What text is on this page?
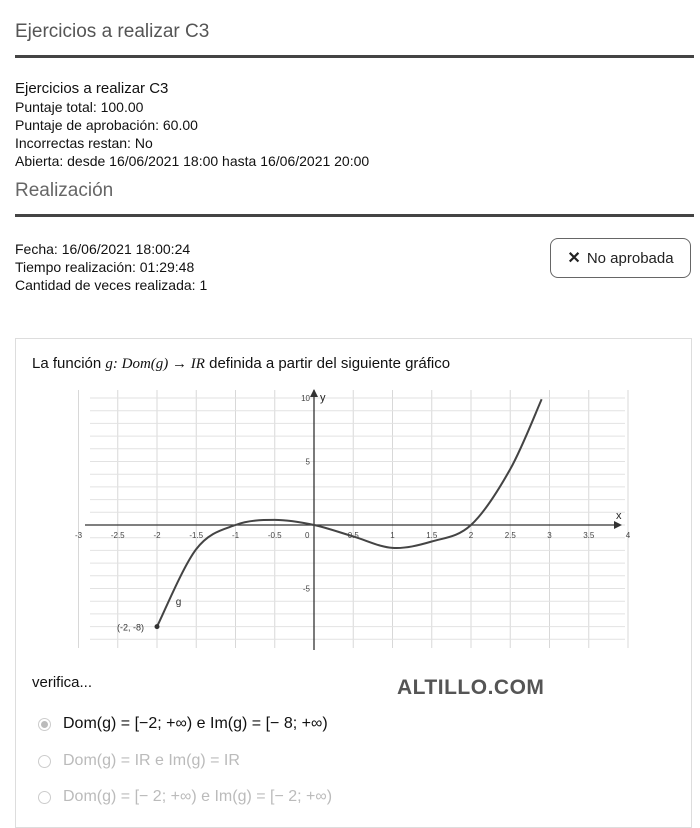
Ejercicios a realizar C3
Ejercicios a realizar C3
Puntaje total: 100.00
Puntaje de aprobación: 60.00
Incorrectas restan: No
Abierta: desde 16/06/2021 18:00 hasta 16/06/2021 20:00
Realización
Fecha: 16/06/2021 18:00:24
Tiempo realización: 01:29:48
Cantidad de veces realizada: 1
✕ No aprobada
La función g: Dom(g) → IR definida a partir del siguiente gráfico
x
y
-3	-2.5	-2	-1.5	-1	-0.5	0	0.5	1	1.5	2	2.5	3	3.5	4
10
5
-5
(-2, -8)
g
verifica...	ALTILLO.COM
Dom(g) = [−2; +∞) e Im(g) = [− 8; +∞)
Dom(g) = IR e Im(g) = IR
Dom(g) = [− 2; +∞) e Im(g) = [− 2; +∞)
